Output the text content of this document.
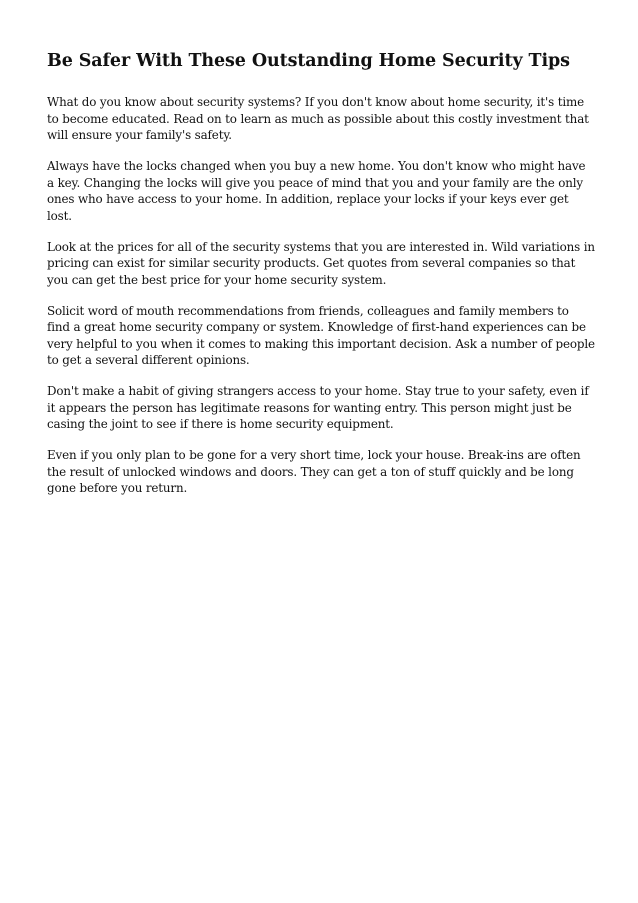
Be Safer With These Outstanding Home Security Tips

What do you know about security systems? If you don't know about home security, it's time to become educated. Read on to learn as much as possible about this costly investment that will ensure your family's safety.

Always have the locks changed when you buy a new home. You don't know who might have a key. Changing the locks will give you peace of mind that you and your family are the only ones who have access to your home. In addition, replace your locks if your keys ever get lost.

Look at the prices for all of the security systems that you are interested in. Wild variations in pricing can exist for similar security products. Get quotes from several companies so that you can get the best price for your home security system.

Solicit word of mouth recommendations from friends, colleagues and family members to find a great home security company or system. Knowledge of first-hand experiences can be very helpful to you when it comes to making this important decision. Ask a number of people to get a several different opinions.

Don't make a habit of giving strangers access to your home. Stay true to your safety, even if it appears the person has legitimate reasons for wanting entry. This person might just be casing the joint to see if there is home security equipment.

Even if you only plan to be gone for a very short time, lock your house. Break-ins are often the result of unlocked windows and doors. They can get a ton of stuff quickly and be long gone before you return.
